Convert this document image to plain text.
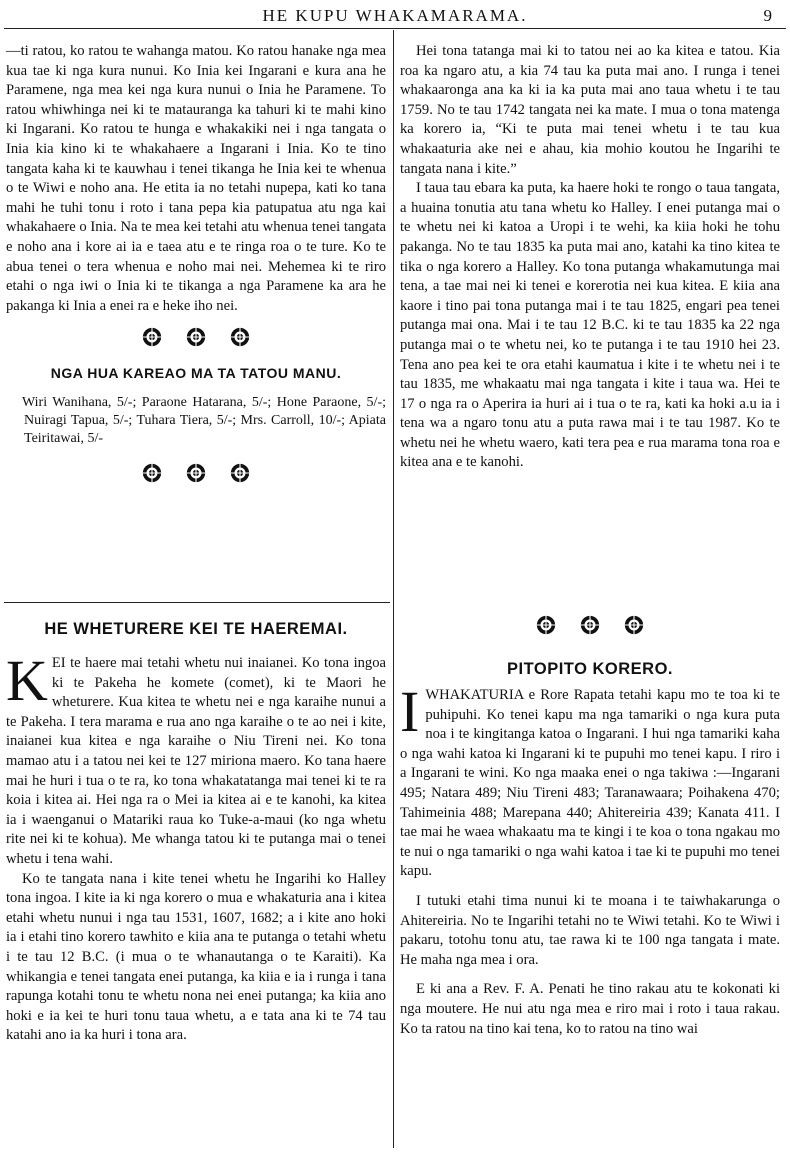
HE KUPU WHAKAMARAMA.	9

—ti ratou, ko ratou te wahanga matou. Ko ratou hanake nga mea kua tae ki nga kura nunui. Ko Inia kei Ingarani e kura ana he Paramene, nga mea kei nga kura nunui o Inia he Paramene. To ratou whiwhinga nei ki te matauranga ka tahuri ki te mahi kino ki Ingarani. Ko ratou te hunga e whakakiki nei i nga tangata o Inia kia kino ki te whakahaere a Ingarani i Inia. Ko te tino tangata kaha ki te kauwhau i tenei tikanga he Inia kei te whenua o te Wiwi e noho ana. He etita ia no tetahi nupepa, kati ko tana mahi he tuhi tonu i roto i tana pepa kia patupatua atu nga kai whakahaere o Inia. Na te mea kei tetahi atu whenua tenei tangata e noho ana i kore ai ia e taea atu e te ringa roa o te ture. Ko te abua tenei o tera whenua e noho mai nei. Mehemea ki te riro etahi o nga iwi o Inia ki te tikanga a nga Paramene ka ara he pakanga ki Inia a enei ra e heke iho nei.

NGA HUA KAREAO MA TA TATOU MANU.

Wiri Wanihana, 5/-; Paraone Hatarana, 5/-; Hone Paraone, 5/-; Nuiragi Tapua, 5/-; Tuhara Tiera, 5/-; Mrs. Carroll, 10/-; Apiata Teiritawai, 5/-

HE WHETURERE KEI TE HAEREMAI.
K EI te haere mai tetahi whetu nui inaianei. Ko tona ingoa ki te Pakeha he komete (comet), ki te Maori he wheturere. Kua kitea te whetu nei e nga karaihe nunui a te Pakeha. I tera marama e rua ano nga karaihe o te ao nei i kite, inaianei kua kitea e nga karaihe o Niu Tireni nei. Ko tona mamao atu i a tatou nei kei te 127 miriona maero. Ko tana haere mai he huri i tua o te ra, ko tona whakatatanga mai tenei ki te ra koia i kitea ai. Hei nga ra o Mei ia kitea ai e te kanohi, ka kitea ia i waenganui o Matariki raua ko Tuke-a-maui (ko nga whetu rite nei ki te kohua). Me whanga tatou ki te putanga mai o tenei whetu i tena wahi.

Ko te tangata nana i kite tenei whetu he Ingarihi ko Halley tona ingoa. I kite ia ki nga korero o mua e whakaturia ana i kitea etahi whetu nunui i nga tau 1531, 1607, 1682; a i kite ano hoki ia i etahi tino korero tawhito e kiia ana te putanga o tetahi whetu i te tau 12 B.C. (i mua o te whanautanga o te Karaiti). Ka whikangia e tenei tangata enei putanga, ka kiia e ia i runga i tana rapunga kotahi tonu te whetu nona nei enei putanga; ka kiia ano hoki e ia kei te huri tonu taua whetu, a e tata ana ki te 74 tau katahi ano ia ka huri i tona ara.

Hei tona tatanga mai ki to tatou nei ao ka kitea e tatou. Kia roa ka ngaro atu, a kia 74 tau ka puta mai ano. I runga i tenei whakaaronga ana ka ki ia ka puta mai ano taua whetu i te tau 1759. No te tau 1742 tangata nei ka mate. I mua o tona matenga ka korero ia, “Ki te puta mai tenei whetu i te tau kua whakaaturia ake nei e ahau, kia mohio koutou he Ingarihi te tangata nana i kite.”

I taua tau ebara ka puta, ka haere hoki te rongo o taua tangata, a huaina tonutia atu tana whetu ko Halley. I enei putanga mai o te whetu nei ki katoa a Uropi i te wehi, ka kiia hoki he tohu pakanga. No te tau 1835 ka puta mai ano, katahi ka tino kitea te tika o nga korero a Halley. Ko tona putanga whakamutunga mai tena, a tae mai nei ki tenei e korerotia nei kua kitea. E kiia ana kaore i tino pai tona putanga mai i te tau 1825, engari pea tenei putanga mai ona. Mai i te tau 12 B.C. ki te tau 1835 ka 22 nga putanga mai o te whetu nei, ko te putanga i te tau 1910 hei 23. Tena ano pea kei te ora etahi kaumatua i kite i te whetu nei i te tau 1835, me whakaatu mai nga tangata i kite i taua wa. Hei te 17 o nga ra o Aperira ia huri ai i tua o te ra, kati ka hoki a.u ia i tena wa a ngaro tonu atu a puta rawa mai i te tau 1987. Ko te whetu nei he whetu waero, kati tera pea e rua marama tona roa e kitea ana e te kanohi.

PITOPITO KORERO.
I WHAKATURIA e Rore Rapata tetahi kapu mo te toa ki te puhipuhi. Ko tenei kapu ma nga tamariki o nga kura puta noa i te kingitanga katoa o Ingarani. I hui nga tamariki kaha o nga wahi katoa ki Ingarani ki te pupuhi mo tenei kapu. I riro i a Ingarani te wini. Ko nga maaka enei o nga takiwa :—Ingarani 495; Natara 489; Niu Tireni 483; Taranawaara; Poihakena 470; Tahimeinia 488; Marepana 440; Ahitereiria 439; Kanata 411. I tae mai he waea whakaatu ma te kingi i te koa o tona ngakau mo te nui o nga tamariki o nga wahi katoa i tae ki te pupuhi mo tenei kapu.

I tutuki etahi tima nunui ki te moana i te taiwhakarunga o Ahitereiria. No te Ingarihi tetahi no te Wiwi tetahi. Ko te Wiwi i pakaru, totohu tonu atu, tae rawa ki te 100 nga tangata i mate. He maha nga mea i ora.

E ki ana a Rev. F. A. Penati he tino rakau atu te kokonati ki nga moutere. He nui atu nga mea e riro mai i roto i taua rakau. Ko ta ratou na tino kai tena, ko to ratou na tino wai
